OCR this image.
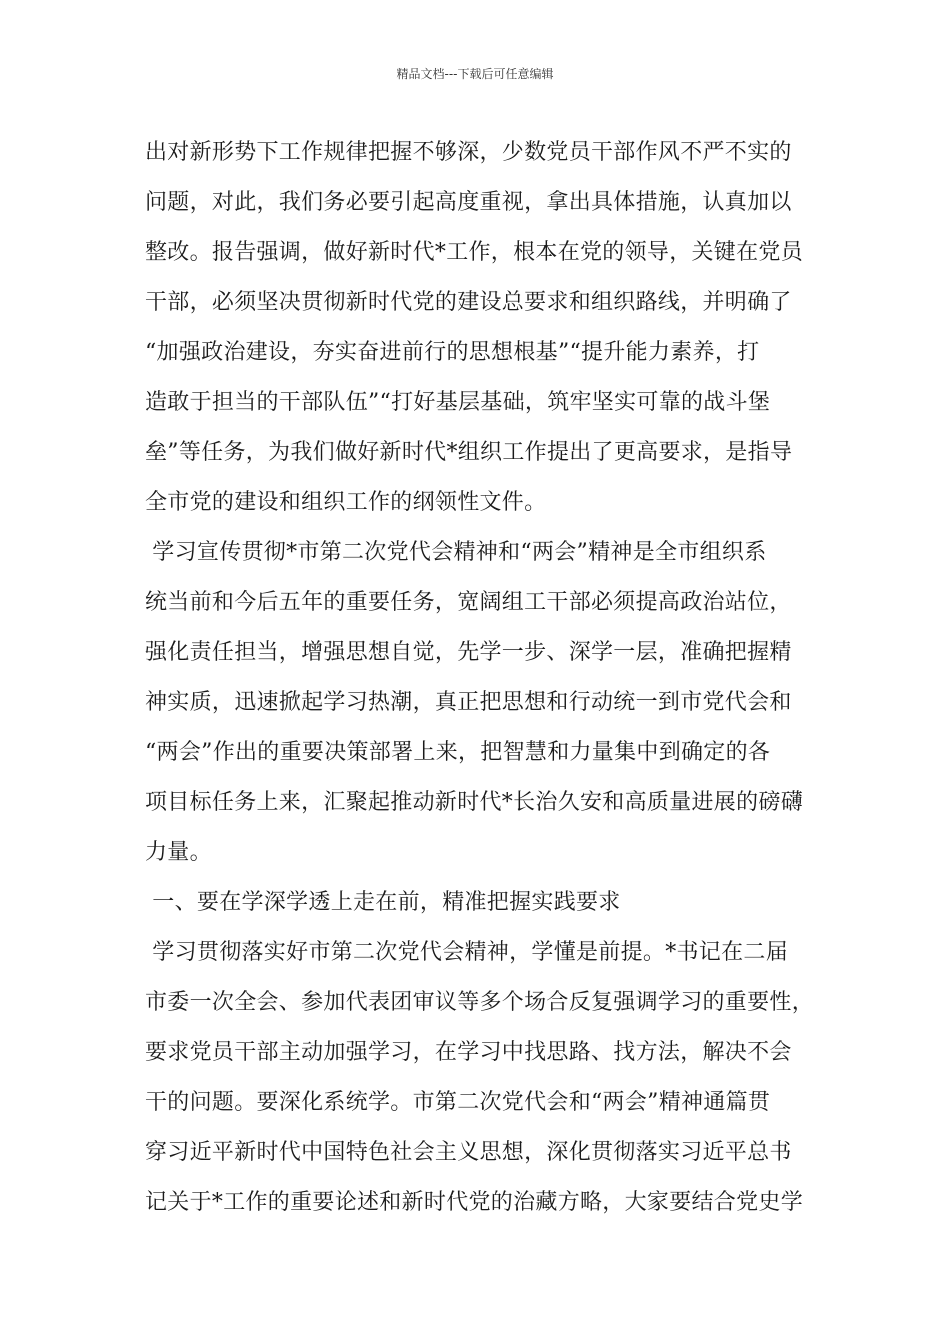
精品文档---下载后可任意编辑
出对新形势下工作规律把握不够深，少数党员干部作风不严不实的
问题，对此，我们务必要引起高度重视，拿出具体措施，认真加以
整改。报告强调，做好新时代*工作，根本在党的领导，关键在党员
干部，必须坚决贯彻新时代党的建设总要求和组织路线，并明确了
“加强政治建设，夯实奋进前行的思想根基”“提升能力素养，打
造敢于担当的干部队伍”“打好基层基础，筑牢坚实可靠的战斗堡
垒”等任务，为我们做好新时代*组织工作提出了更高要求，是指导
全市党的建设和组织工作的纲领性文件。
学习宣传贯彻*市第二次党代会精神和“两会”精神是全市组织系
统当前和今后五年的重要任务，宽阔组工干部必须提高政治站位，
强化责任担当，增强思想自觉，先学一步、深学一层，准确把握精
神实质，迅速掀起学习热潮，真正把思想和行动统一到市党代会和
“两会”作出的重要决策部署上来，把智慧和力量集中到确定的各
项目标任务上来，汇聚起推动新时代*长治久安和高质量进展的磅礴
力量。
一、要在学深学透上走在前，精准把握实践要求
学习贯彻落实好市第二次党代会精神，学懂是前提。*书记在二届
市委一次全会、参加代表团审议等多个场合反复强调学习的重要性，
要求党员干部主动加强学习，在学习中找思路、找方法，解决不会
干的问题。要深化系统学。市第二次党代会和“两会”精神通篇贯
穿习近平新时代中国特色社会主义思想，深化贯彻落实习近平总书
记关于*工作的重要论述和新时代党的治藏方略，大家要结合党史学
